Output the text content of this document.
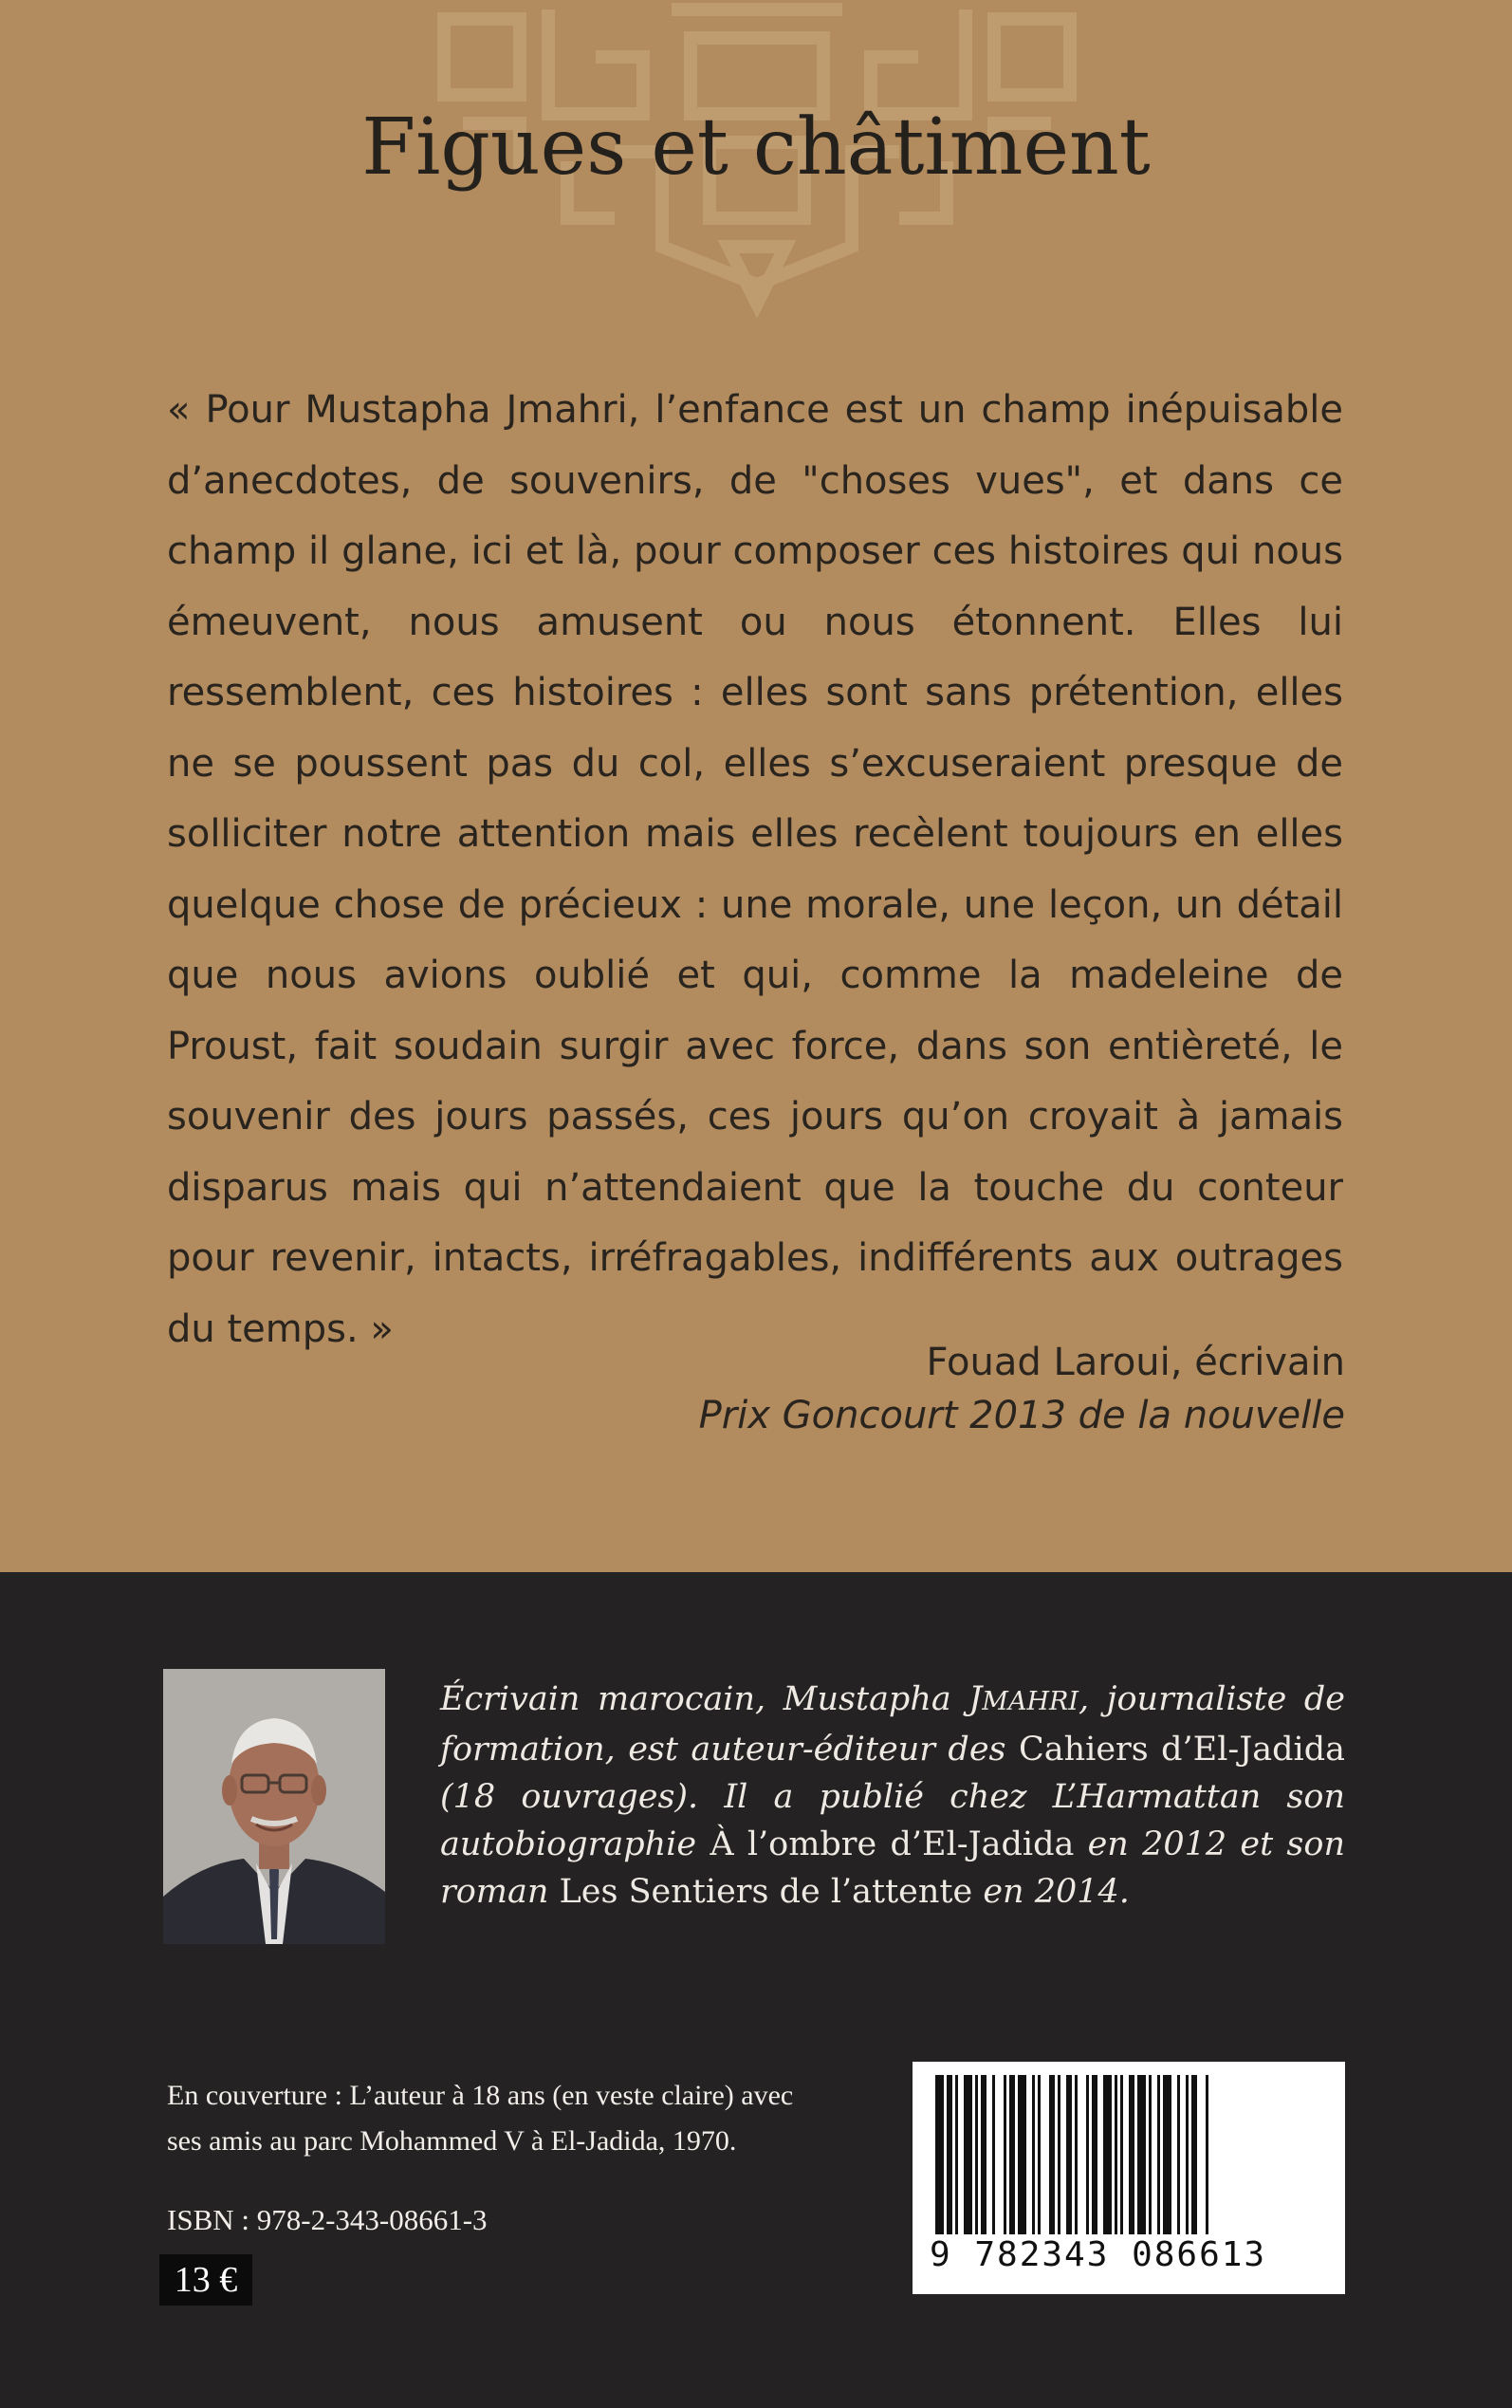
Figues et châtiment

« Pour Mustapha Jmahri, l’enfance est un champ inépuisable d’anecdotes, de souvenirs, de "choses vues", et dans ce champ il glane, ici et là, pour composer ces histoires qui nous émeuvent, nous amusent ou nous étonnent. Elles lui ressemblent, ces histoires : elles sont sans prétention, elles ne se poussent pas du col, elles s’excuseraient presque de solliciter notre attention mais elles recèlent toujours en elles quelque chose de précieux : une morale, une leçon, un détail que nous avions oublié et qui, comme la madeleine de Proust, fait soudain surgir avec force, dans son entièreté, le souvenir des jours passés, ces jours qu’on croyait à jamais disparus mais qui n’attendaient que la touche du conteur pour revenir, intacts, irréfragables, indifférents aux outrages du temps. »

Fouad Laroui, écrivain
Prix Goncourt 2013 de la nouvelle
Écrivain marocain, Mustapha JMAHRI, journaliste de formation, est auteur-éditeur des Cahiers d’El-Jadida (18 ouvrages). Il a publié chez L’Harmattan son autobiographie À l’ombre d’El-Jadida en 2012 et son roman Les Sentiers de l’attente en 2014.
En couverture : L’auteur à 18 ans (en veste claire) avec ses amis au parc Mohammed V à El-Jadida, 1970.
ISBN : 978-2-343-08661-3
13 €
9 782343 086613
